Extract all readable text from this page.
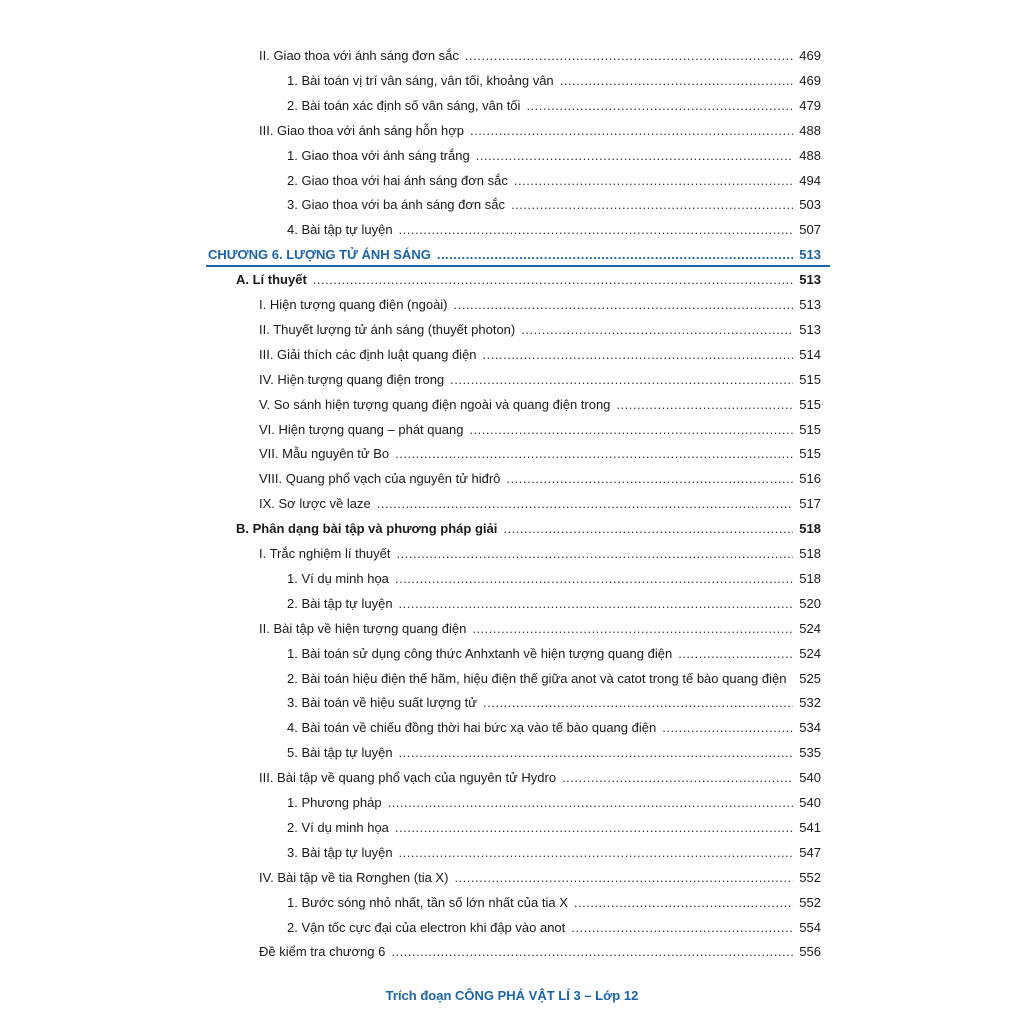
II. Giao thoa với ánh sáng đơn sắc .....	469
1. Bài toán vị trí vân sáng, vân tối, khoảng vân .....	469
2. Bài toán xác định số vân sáng, vân tối .....	479
III. Giao thoa với ánh sáng hỗn hợp .....	488
1. Giao thoa với ánh sáng trắng .....	488
2. Giao thoa với hai ánh sáng đơn sắc .....	494
3. Giao thoa với ba ánh sáng đơn sắc .....	503
4. Bài tập tự luyện .....	507
CHƯƠNG 6. LƯỢNG TỬ ÁNH SÁNG .....	513
A. Lí thuyết .....	513
I. Hiện tượng quang điện (ngoài) .....	513
II. Thuyết lượng tử ánh sáng (thuyết photon) .....	513
III. Giải thích các định luật quang điện .....	514
IV. Hiện tượng quang điện trong .....	515
V. So sánh hiện tượng quang điện ngoài và quang điện trong .....	515
VI. Hiện tượng quang – phát quang .....	515
VII. Mẫu nguyên tử Bo .....	515
VIII. Quang phổ vạch của nguyên tử hiđrô .....	516
IX. Sơ lược về laze .....	517
B. Phân dạng bài tập và phương pháp giải .....	518
I. Trắc nghiệm lí thuyết .....	518
1. Ví dụ minh họa .....	518
2. Bài tập tự luyện .....	520
II. Bài tập về hiện tượng quang điện .....	524
1. Bài toán sử dụng công thức Anhxtanh về hiện tượng quang điện .....	524
2. Bài toán hiệu điện thế hãm, hiệu điện thế giữa anot và catot trong tế bào quang điện ..... 525
3. Bài toán về hiệu suất lượng tử .....	532
4. Bài toán về chiếu đồng thời hai bức xạ vào tế bào quang điện .....	534
5. Bài tập tự luyện .....	535
III. Bài tập về quang phổ vạch của nguyên tử Hydro .....	540
1. Phương pháp .....	540
2. Ví dụ minh họa .....	541
3. Bài tập tự luyện .....	547
IV. Bài tập về tia Rơnghen (tia X) .....	552
1. Bước sóng nhỏ nhất, tần số lớn nhất của tia X .....	552
2. Vận tốc cực đại của electron khi đập vào anot .....	554
Đề kiểm tra chương 6 .....	556
Trích đoạn CÔNG PHÁ VẬT LÍ 3 – Lớp 12
